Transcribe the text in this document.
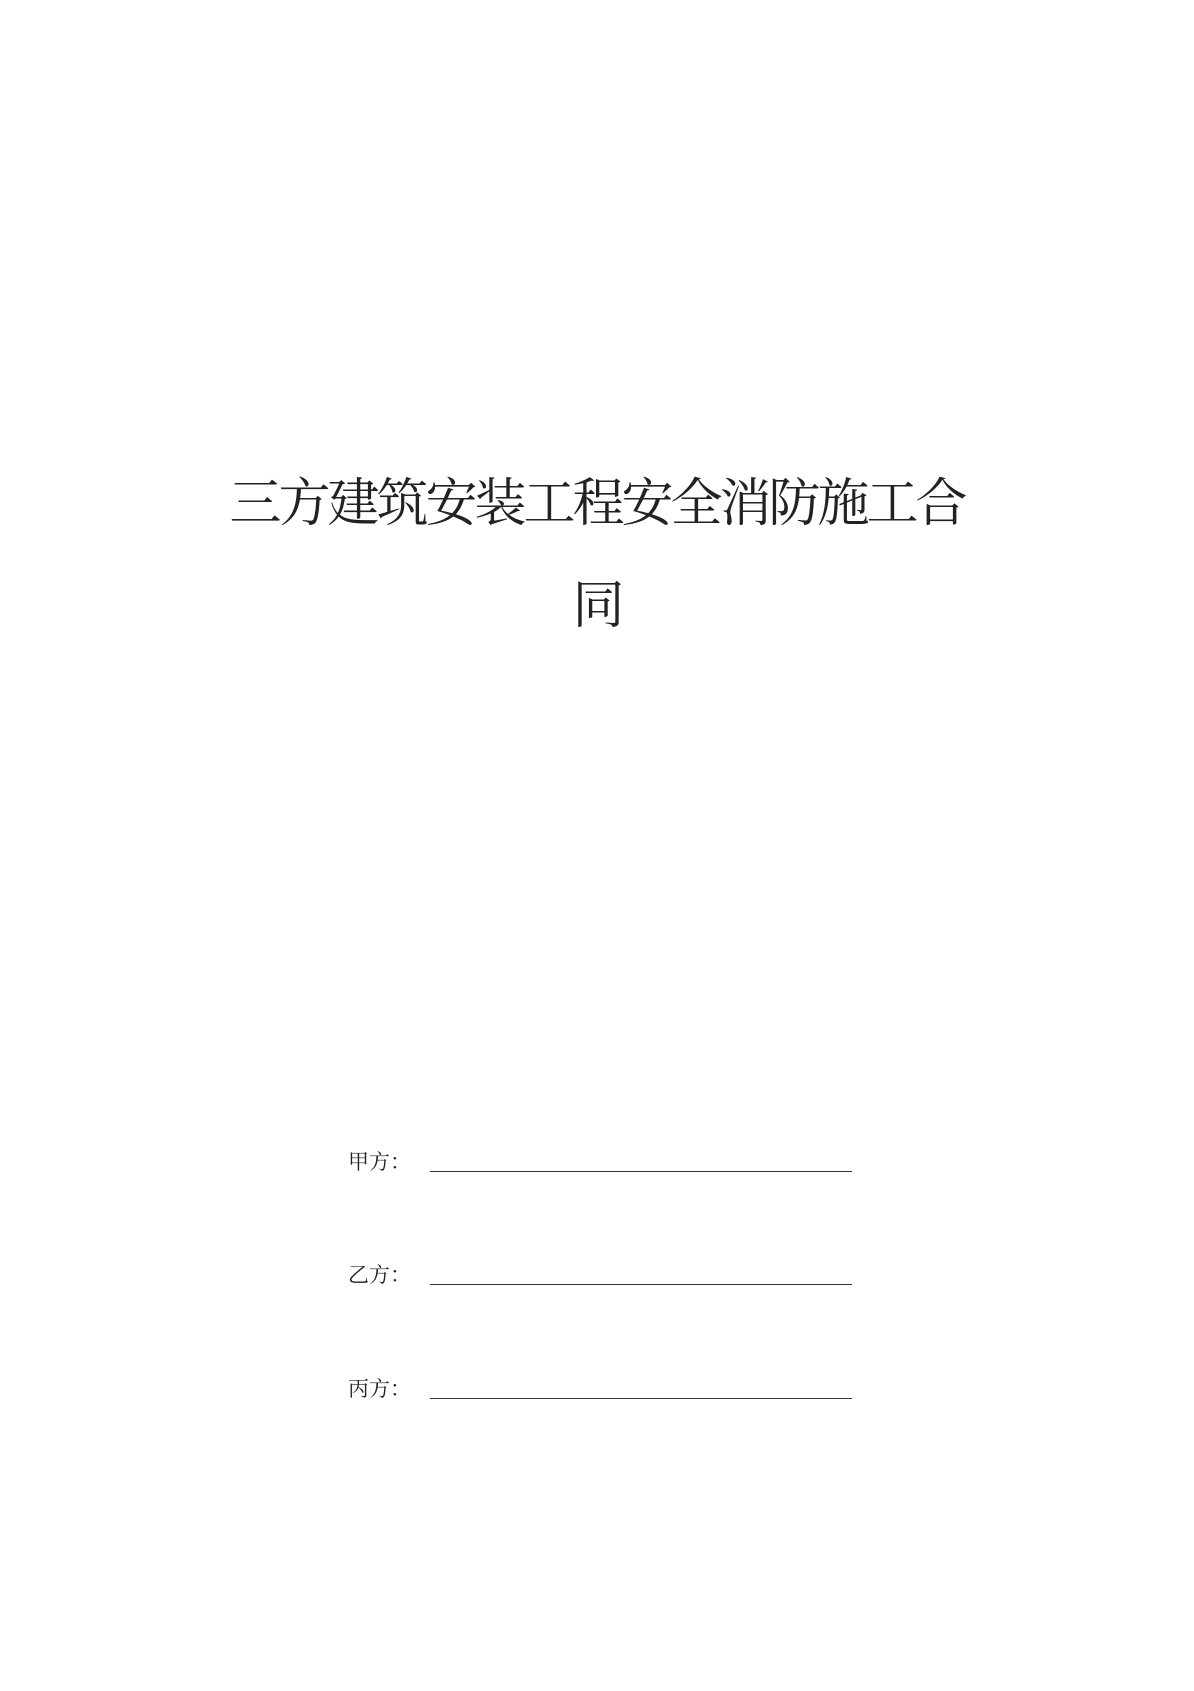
三方建筑安装工程安全消防施工合
同
甲方：
乙方：
丙方：
